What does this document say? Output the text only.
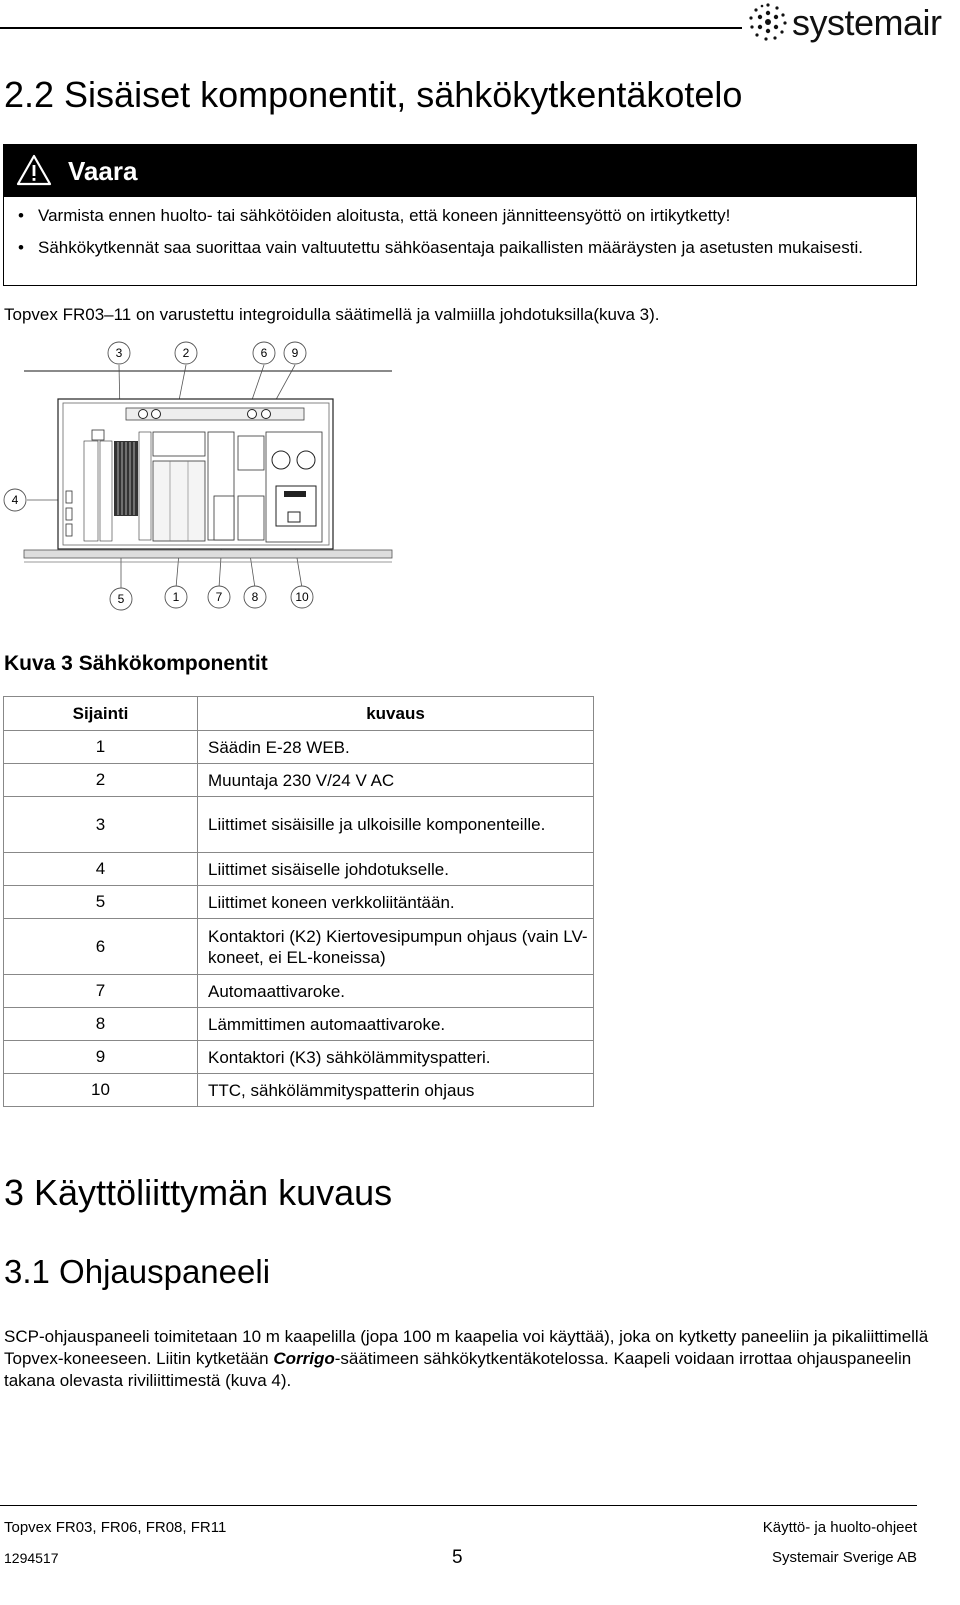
systemair
2.2 Sisäiset komponentit, sähkökytkentäkotelo
Vaara
• Varmista ennen huolto- tai sähkötöiden aloitusta, että koneen jännitteensyöttö on irtikytketty!
• Sähkökytkennät saa suorittaa vain valtuutettu sähköasentaja paikallisten määräysten ja asetusten mukaisesti.
Topvex FR03–11 on varustettu integroidulla säätimellä ja valmiilla johdotuksilla(kuva 3).
3	2	6 9
4
5	1	7 8	10
Kuva 3 Sähkökomponentit
Sijainti	kuvaus
1	Säädin E-28 WEB.
2	Muuntaja 230 V/24 V AC
3	Liittimet sisäisille ja ulkoisille komponenteille.
4	Liittimet sisäiselle johdotukselle.
5	Liittimet koneen verkkoliitäntään.
6	Kontaktori (K2) Kiertovesipumpun ohjaus (vain LV-koneet, ei EL-koneissa)
7	Automaattivaroke.
8	Lämmittimen automaattivaroke.
9	Kontaktori (K3) sähkölämmityspatteri.
10	TTC, sähkölämmityspatterin ohjaus
3 Käyttöliittymän kuvaus
3.1 Ohjauspaneeli

SCP-ohjauspaneeli toimitetaan 10 m kaapelilla (jopa 100 m kaapelia voi käyttää), joka on kytketty paneeliin ja pikaliittimellä Topvex-koneeseen. Liitin kytketään Corrigo-säätimeen sähkökytkentäkotelossa. Kaapeli voidaan irrottaa ohjauspaneelin takana olevasta riviliittimestä (kuva 4).

Topvex FR03, FR06, FR08, FR11	Käyttö- ja huolto-ohjeet
1294517	5	Systemair Sverige AB
